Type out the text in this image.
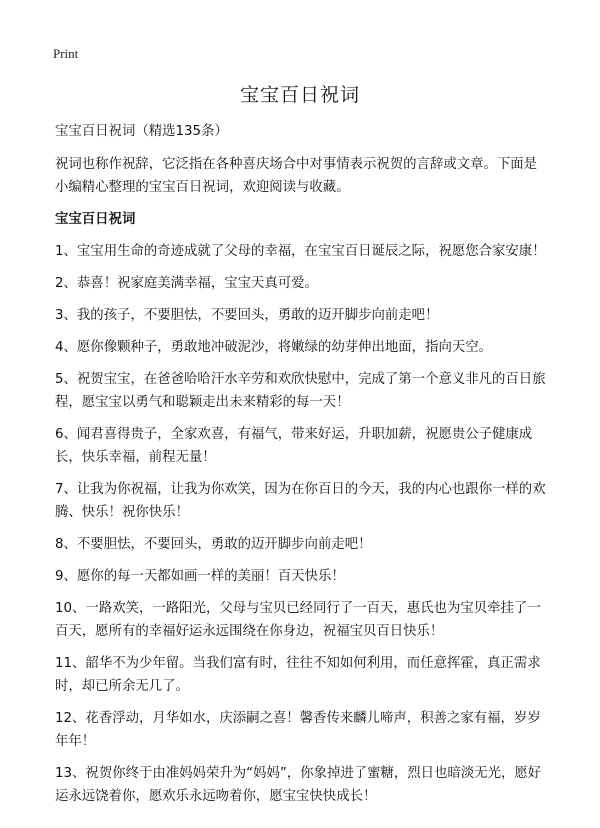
Print
宝宝百日祝词

宝宝百日祝词（精选135条）

祝词也称作祝辞，它泛指在各种喜庆场合中对事情表示祝贺的言辞或文章。下面是小编精心整理的宝宝百日祝词，欢迎阅读与收藏。

宝宝百日祝词

1、宝宝用生命的奇迹成就了父母的幸福，在宝宝百日诞辰之际，祝愿您合家安康！
2、恭喜！祝家庭美满幸福，宝宝天真可爱。
3、我的孩子，不要胆怯，不要回头，勇敢的迈开脚步向前走吧！
4、愿你像颗种子，勇敢地冲破泥沙，将嫩绿的幼芽伸出地面，指向天空。
5、祝贺宝宝，在爸爸哈哈汗水辛劳和欢欣快慰中，完成了第一个意义非凡的百日旅程，愿宝宝以勇气和聪颖走出未来精彩的每一天！
6、闻君喜得贵子，全家欢喜，有福气，带来好运，升职加薪，祝愿贵公子健康成长，快乐幸福，前程无量！
7、让我为你祝福，让我为你欢笑，因为在你百日的今天，我的内心也跟你一样的欢腾、快乐！祝你快乐！
8、不要胆怯，不要回头，勇敢的迈开脚步向前走吧！
9、愿你的每一天都如画一样的美丽！百天快乐！
10、一路欢笑，一路阳光，父母与宝贝已经同行了一百天，惠氏也为宝贝牵挂了一百天，愿所有的幸福好运永远围绕在你身边，祝福宝贝百日快乐！
11、韶华不为少年留。当我们富有时，往往不知如何利用，而任意挥霍，真正需求时，却已所余无几了。
12、花香浮动，月华如水，庆添嗣之喜！馨香传来麟儿啼声，积善之家有福，岁岁年年！
13、祝贺你终于由准妈妈荣升为“妈妈”，你象掉进了蜜糖，烈日也暗淡无光，愿好运永远饶着你，愿欢乐永远吻着你，愿宝宝快快成长！
